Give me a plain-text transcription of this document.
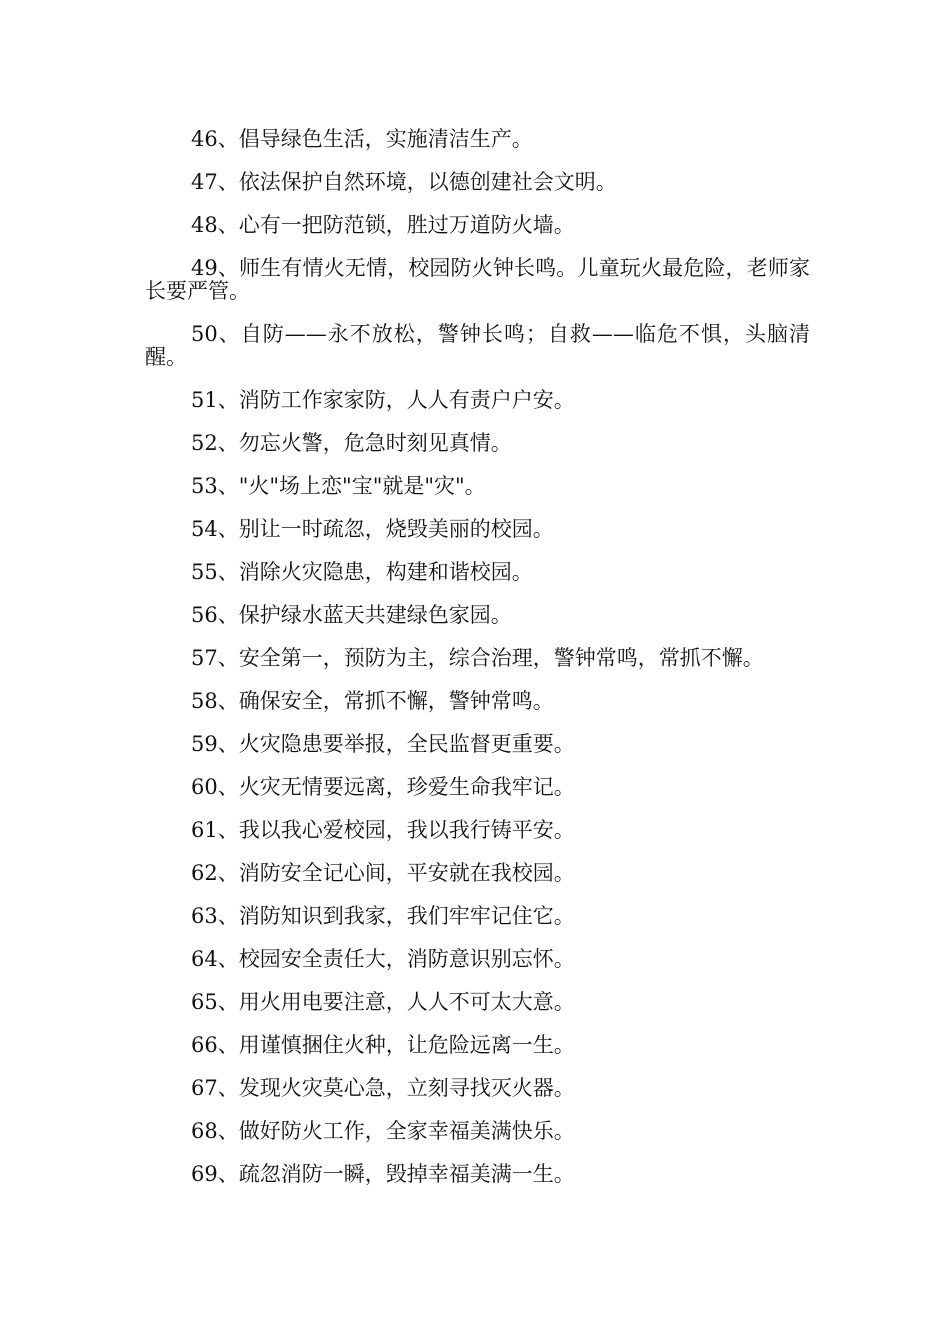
46、倡导绿色生活，实施清洁生产。

47、依法保护自然环境，以德创建社会文明。

48、心有一把防范锁，胜过万道防火墙。

49、师生有情火无情，校园防火钟长鸣。儿童玩火最危险，老师家长要严管。

50、自防——永不放松，警钟长鸣；自救——临危不惧，头脑清醒。

51、消防工作家家防，人人有责户户安。

52、勿忘火警，危急时刻见真情。

53、"火"场上恋"宝"就是"灾"。

54、别让一时疏忽，烧毁美丽的校园。

55、消除火灾隐患，构建和谐校园。

56、保护绿水蓝天共建绿色家园。

57、安全第一，预防为主，综合治理，警钟常鸣，常抓不懈。

58、确保安全，常抓不懈，警钟常鸣。

59、火灾隐患要举报，全民监督更重要。

60、火灾无情要远离，珍爱生命我牢记。

61、我以我心爱校园，我以我行铸平安。

62、消防安全记心间，平安就在我校园。

63、消防知识到我家，我们牢牢记住它。

64、校园安全责任大，消防意识别忘怀。

65、用火用电要注意，人人不可太大意。

66、用谨慎捆住火种，让危险远离一生。

67、发现火灾莫心急，立刻寻找灭火器。

68、做好防火工作，全家幸福美满快乐。

69、疏忽消防一瞬，毁掉幸福美满一生。
